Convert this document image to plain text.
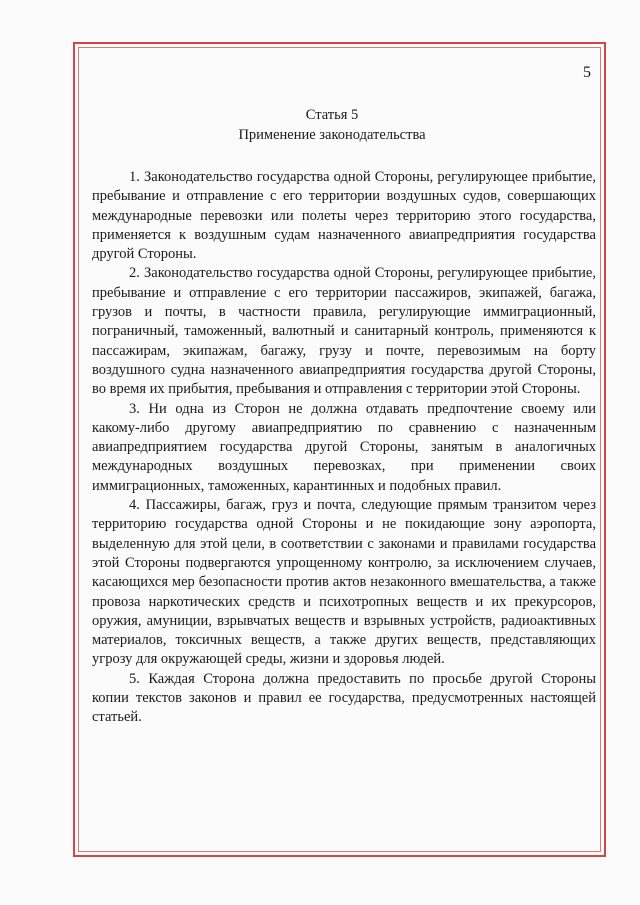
5
Статья 5
Применение законодательства

1. Законодательство государства одной Стороны, регулирующее прибытие, пребывание и отправление с его территории воздушных судов, совершающих международные перевозки или полеты через территорию этого государства, применяется к воздушным судам назначенного авиапредприятия государства другой Стороны.

2. Законодательство государства одной Стороны, регулирующее прибытие, пребывание и отправление с его территории пассажиров, экипажей, багажа, грузов и почты, в частности правила, регулирующие иммиграционный, пограничный, таможенный, валютный и санитарный контроль, применяются к пассажирам, экипажам, багажу, грузу и почте, перевозимым на борту воздушного судна назначенного авиапредприятия государства другой Стороны, во время их прибытия, пребывания и отправления с территории этой Стороны.

3. Ни одна из Сторон не должна отдавать предпочтение своему или какому-либо другому авиапредприятию по сравнению с назначенным авиапредприятием государства другой Стороны, занятым в аналогичных международных воздушных перевозках, при применении своих иммиграционных, таможенных, карантинных и подобных правил.

4. Пассажиры, багаж, груз и почта, следующие прямым транзитом через территорию государства одной Стороны и не покидающие зону аэропорта, выделенную для этой цели, в соответствии с законами и правилами государства этой Стороны подвергаются упрощенному контролю, за исключением случаев, касающихся мер безопасности против актов незаконного вмешательства, а также провоза наркотических средств и психотропных веществ и их прекурсоров, оружия, амуниции, взрывчатых веществ и взрывных устройств, радиоактивных материалов, токсичных веществ, а также других веществ, представляющих угрозу для окружающей среды, жизни и здоровья людей.

5. Каждая Сторона должна предоставить по просьбе другой Стороны копии текстов законов и правил ее государства, предусмотренных настоящей статьей.
